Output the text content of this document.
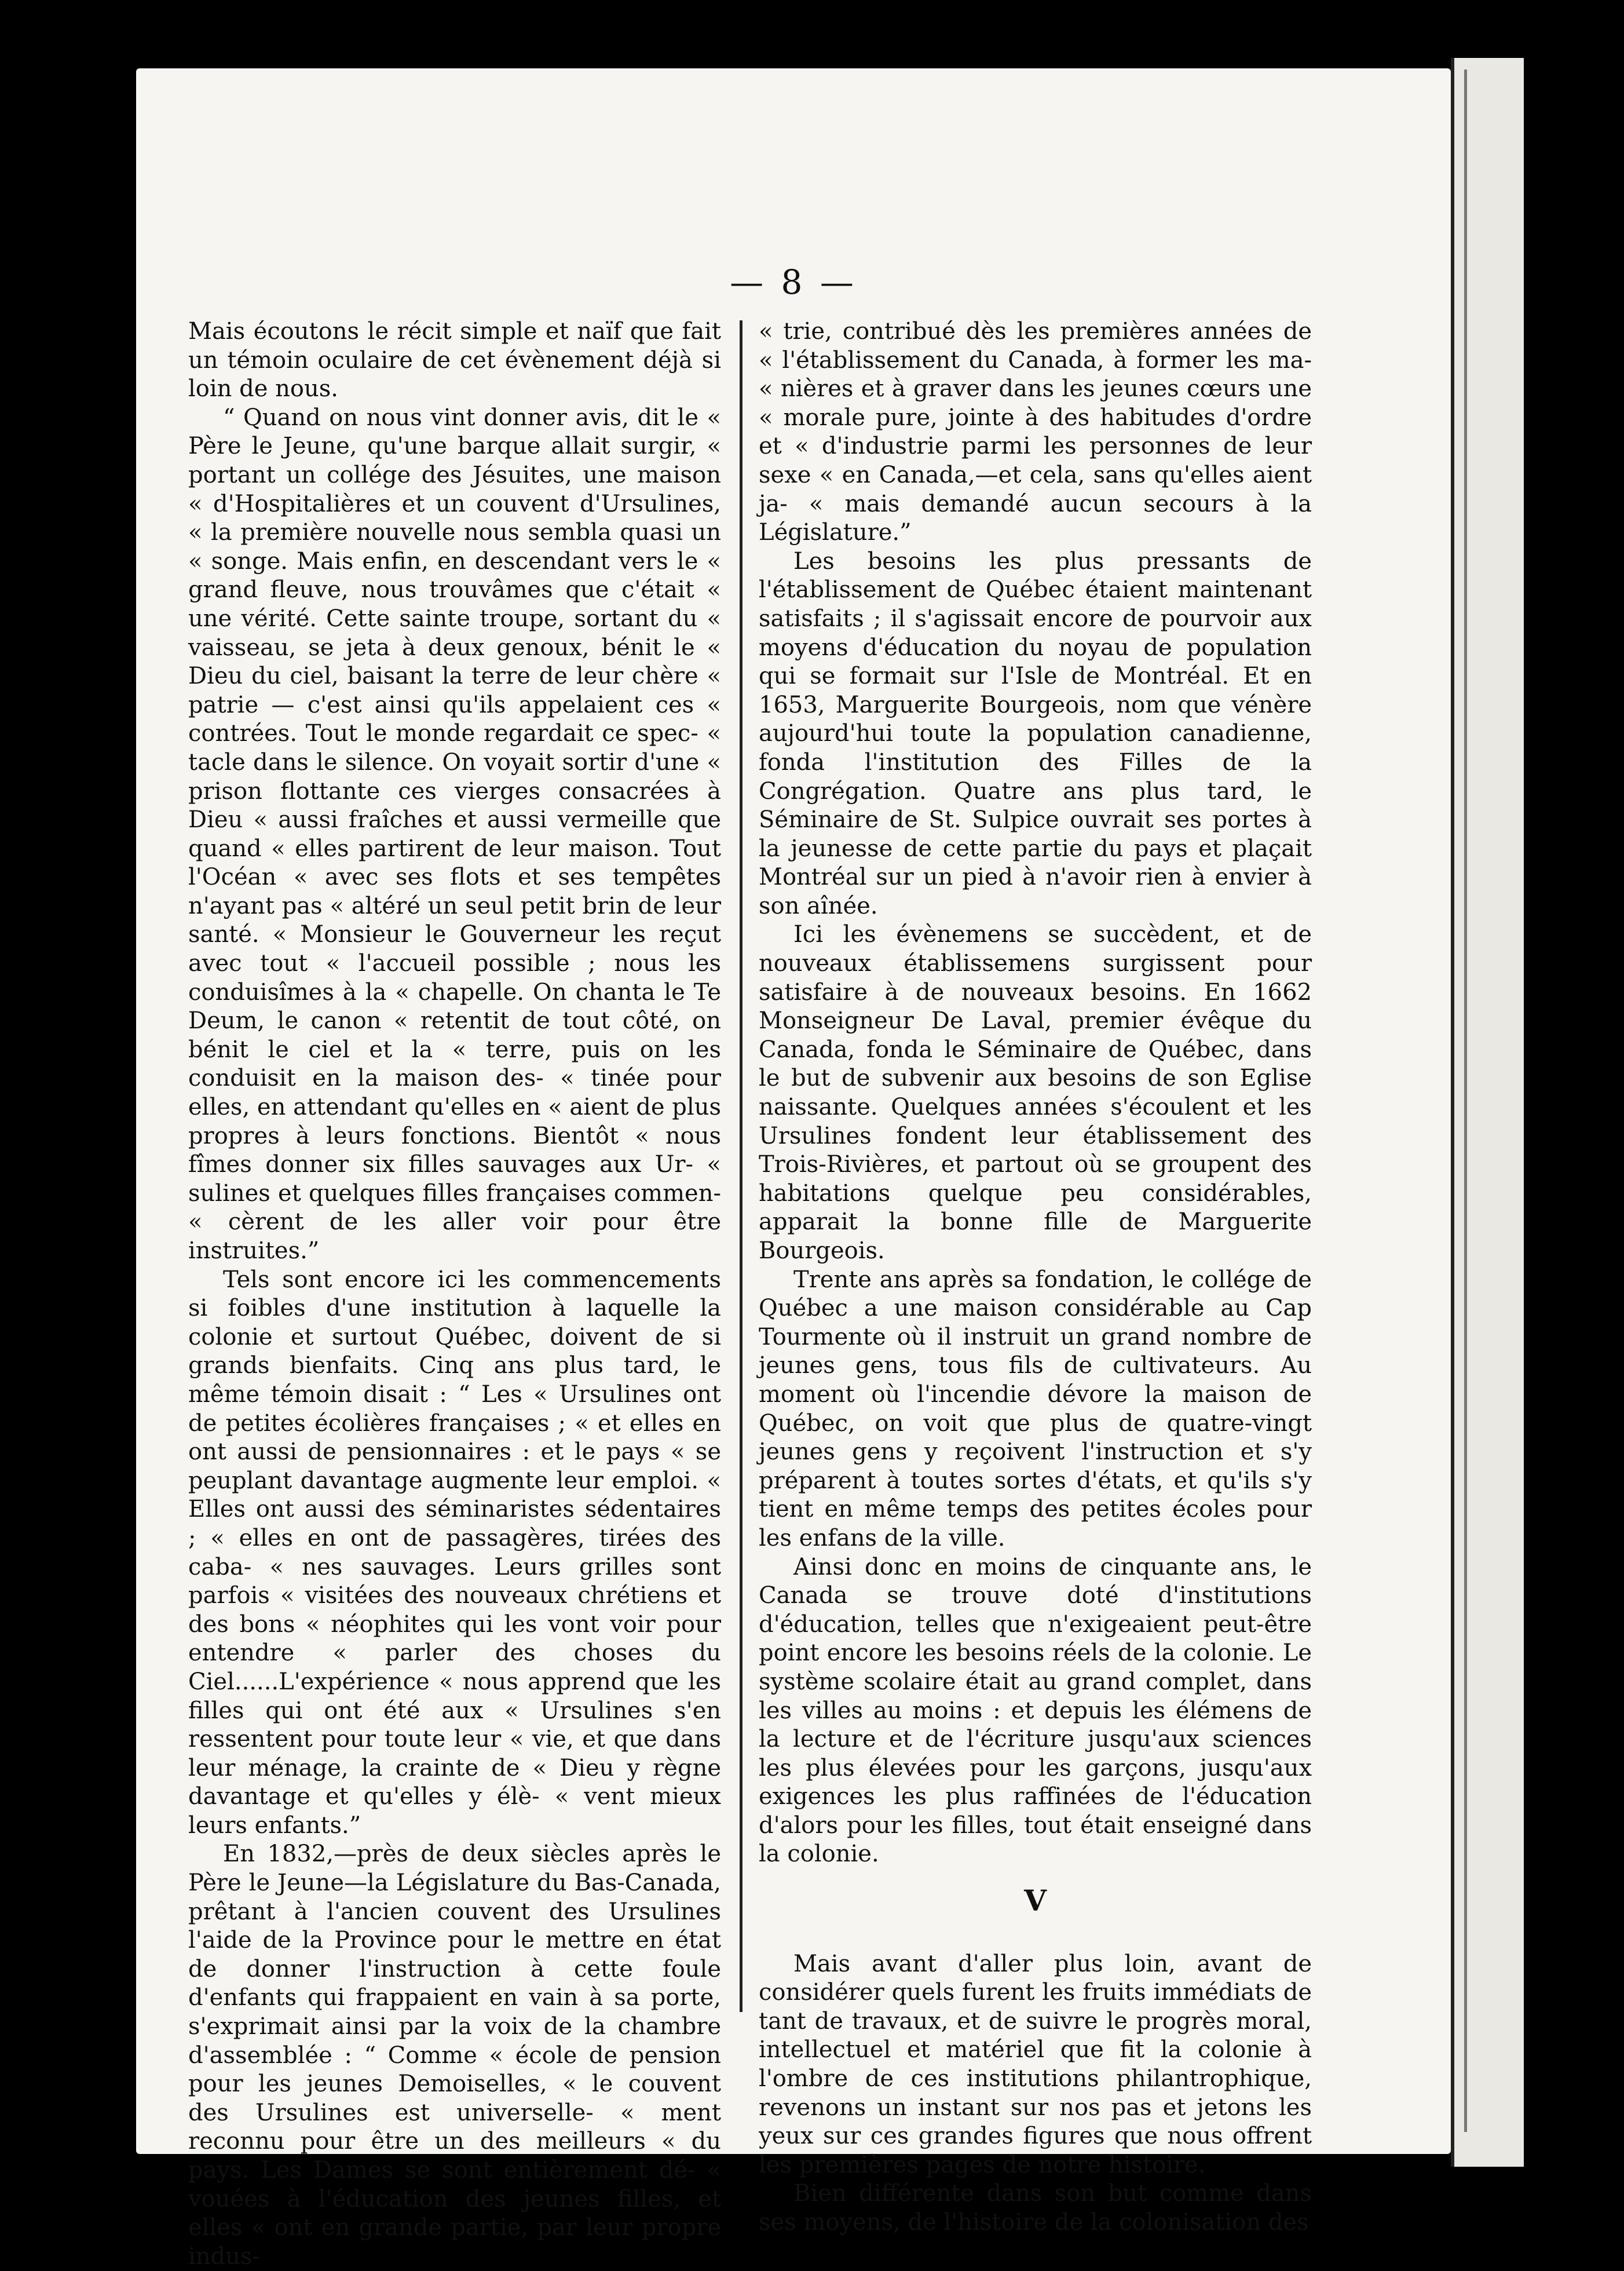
— 8 —

Mais écoutons le récit simple et naïf que fait un témoin oculaire de cet évènement déjà si loin de nous.

“ Quand on nous vint donner avis, dit le « Père le Jeune, qu'une barque allait surgir, « portant un collége des Jésuites, une maison « d'Hospitalières et un couvent d'Ursulines, « la première nouvelle nous sembla quasi un « songe. Mais enfin, en descendant vers le « grand fleuve, nous trouvâmes que c'était « une vérité. Cette sainte troupe, sortant du « vaisseau, se jeta à deux genoux, bénit le « Dieu du ciel, baisant la terre de leur chère « patrie — c'est ainsi qu'ils appelaient ces « contrées. Tout le monde regardait ce spec- « tacle dans le silence. On voyait sortir d'une « prison flottante ces vierges consacrées à Dieu « aussi fraîches et aussi vermeille que quand « elles partirent de leur maison. Tout l'Océan « avec ses flots et ses tempêtes n'ayant pas « altéré un seul petit brin de leur santé. « Monsieur le Gouverneur les reçut avec tout « l'accueil possible ; nous les conduisîmes à la « chapelle. On chanta le Te Deum, le canon « retentit de tout côté, on bénit le ciel et la « terre, puis on les conduisit en la maison des- « tinée pour elles, en attendant qu'elles en « aient de plus propres à leurs fonctions. Bientôt « nous fîmes donner six filles sauvages aux Ur- « sulines et quelques filles françaises commen- « cèrent de les aller voir pour être instruites.”

Tels sont encore ici les commencements si foibles d'une institution à laquelle la colonie et surtout Québec, doivent de si grands bienfaits. Cinq ans plus tard, le même témoin disait : “ Les « Ursulines ont de petites écolières françaises ; « et elles en ont aussi de pensionnaires : et le pays « se peuplant davantage augmente leur emploi. « Elles ont aussi des séminaristes sédentaires ; « elles en ont de passagères, tirées des caba- « nes sauvages. Leurs grilles sont parfois « visitées des nouveaux chrétiens et des bons « néophites qui les vont voir pour entendre « parler des choses du Ciel......L'expérience « nous apprend que les filles qui ont été aux « Ursulines s'en ressentent pour toute leur « vie, et que dans leur ménage, la crainte de « Dieu y règne davantage et qu'elles y élè- « vent mieux leurs enfants.”

En 1832,—près de deux siècles après le Père le Jeune—la Législature du Bas-Canada, prêtant à l'ancien couvent des Ursulines l'aide de la Province pour le mettre en état de donner l'instruction à cette foule d'enfants qui frappaient en vain à sa porte, s'exprimait ainsi par la voix de la chambre d'assemblée : “ Comme « école de pension pour les jeunes Demoiselles, « le couvent des Ursulines est universelle- « ment reconnu pour être un des meilleurs « du pays. Les Dames se sont entièrement dé- « vouées à l'éducation des jeunes filles, et elles « ont en grande partie, par leur propre indus-

« trie, contribué dès les premières années de « l'établissement du Canada, à former les ma- « nières et à graver dans les jeunes cœurs une « morale pure, jointe à des habitudes d'ordre et « d'industrie parmi les personnes de leur sexe « en Canada,—et cela, sans qu'elles aient ja- « mais demandé aucun secours à la Législature.”

Les besoins les plus pressants de l'établissement de Québec étaient maintenant satisfaits ; il s'agissait encore de pourvoir aux moyens d'éducation du noyau de population qui se formait sur l'Isle de Montréal. Et en 1653, Marguerite Bourgeois, nom que vénère aujourd'hui toute la population canadienne, fonda l'institution des Filles de la Congrégation. Quatre ans plus tard, le Séminaire de St. Sulpice ouvrait ses portes à la jeunesse de cette partie du pays et plaçait Montréal sur un pied à n'avoir rien à envier à son aînée.

Ici les évènemens se succèdent, et de nouveaux établissemens surgissent pour satisfaire à de nouveaux besoins. En 1662 Monseigneur De Laval, premier évêque du Canada, fonda le Séminaire de Québec, dans le but de subvenir aux besoins de son Eglise naissante. Quelques années s'écoulent et les Ursulines fondent leur établissement des Trois-Rivières, et partout où se groupent des habitations quelque peu considérables, apparait la bonne fille de Marguerite Bourgeois.

Trente ans après sa fondation, le collége de Québec a une maison considérable au Cap Tourmente où il instruit un grand nombre de jeunes gens, tous fils de cultivateurs. Au moment où l'incendie dévore la maison de Québec, on voit que plus de quatre-vingt jeunes gens y reçoivent l'instruction et s'y préparent à toutes sortes d'états, et qu'ils s'y tient en même temps des petites écoles pour les enfans de la ville.

Ainsi donc en moins de cinquante ans, le Canada se trouve doté d'institutions d'éducation, telles que n'exigeaient peut-être point encore les besoins réels de la colonie. Le système scolaire était au grand complet, dans les villes au moins : et depuis les élémens de la lecture et de l'écriture jusqu'aux sciences les plus élevées pour les garçons, jusqu'aux exigences les plus raffinées de l'éducation d'alors pour les filles, tout était enseigné dans la colonie.

V

Mais avant d'aller plus loin, avant de considérer quels furent les fruits immédiats de tant de travaux, et de suivre le progrès moral, intellectuel et matériel que fit la colonie à l'ombre de ces institutions philantrophique, revenons un instant sur nos pas et jetons les yeux sur ces grandes figures que nous offrent les premières pages de notre histoire.

Bien différente dans son but comme dans ses moyens, de l'histoire de la colonisation des
